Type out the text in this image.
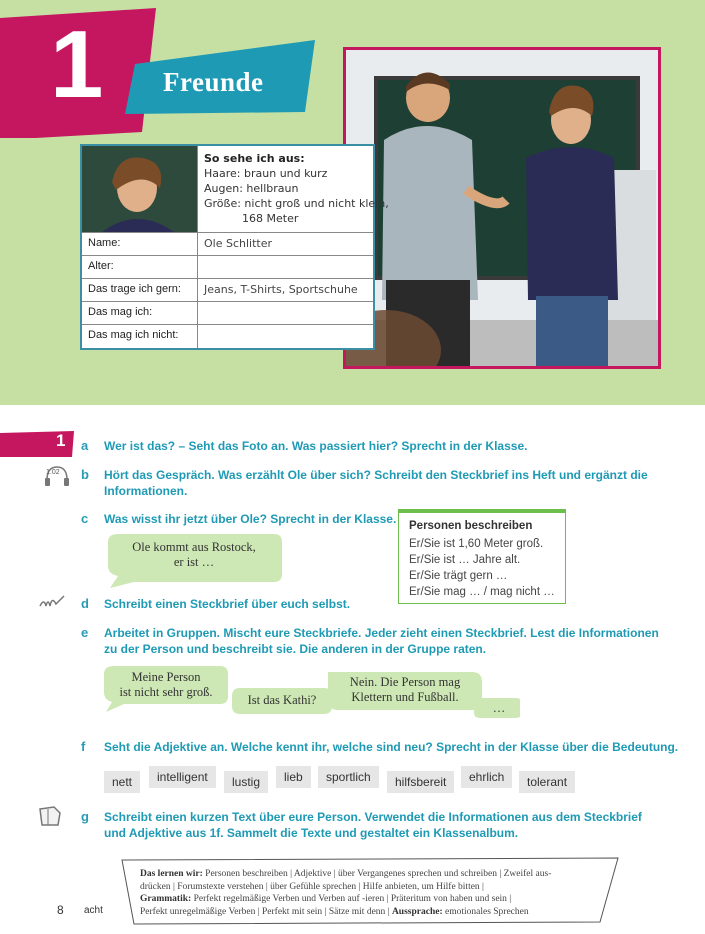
1	Freunde
So sehe ich aus:
Haare: braun und kurz
Augen: hellbraun
Größe: nicht groß und nicht klein,
168 Meter
Name:	Ole Schlitter
Alter:
Das trage ich gern: Jeans, T-Shirts, Sportschuhe
Das mag ich:
Das mag ich nicht:
1 a Wer ist das? – Seht das Foto an. Was passiert hier? Sprecht in der Klasse.
1.02 b Hört das Gespräch. Was erzählt Ole über sich? Schreibt den Steckbrief ins Heft und ergänzt die
Informationen.
c Was wisst ihr jetzt über Ole? Sprecht in der Klasse.
Ole kommt aus Rostock,
er ist …
Personen beschreiben
Er/Sie ist 1,60 Meter groß.
Er/Sie ist … Jahre alt.
Er/Sie trägt gern …
Er/Sie mag … / mag nicht …
d Schreibt einen Steckbrief über euch selbst.
e Arbeitet in Gruppen. Mischt eure Steckbriefe. Jeder zieht einen Steckbrief. Lest die Informationen
zu der Person und beschreibt sie. Die anderen in der Gruppe raten.
Meine Person
ist nicht sehr groß.
Ist das Kathi?
Nein. Die Person mag
Klettern und Fußball.
…
f Seht die Adjektive an. Welche kennt ihr, welche sind neu? Sprecht in der Klasse über die Bedeutung.
nett	intelligent	lustig	lieb	sportlich	hilfsbereit	ehrlich	tolerant
g Schreibt einen kurzen Text über eure Person. Verwendet die Informationen aus dem Steckbrief
und Adjektive aus 1f. Sammelt die Texte und gestaltet ein Klassenalbum.
Das lernen wir: Personen beschreiben | Adjektive | über Vergangenes sprechen und schreiben | Zweifel aus-
drücken | Forumstexte verstehen | über Gefühle sprechen | Hilfe anbieten, um Hilfe bitten |
Grammatik: Perfekt regelmäßige Verben und Verben auf -ieren | Präteritum von haben und sein |
Perfekt unregelmäßige Verben | Perfekt mit sein | Sätze mit denn | Aussprache: emotionales Sprechen
8 acht
